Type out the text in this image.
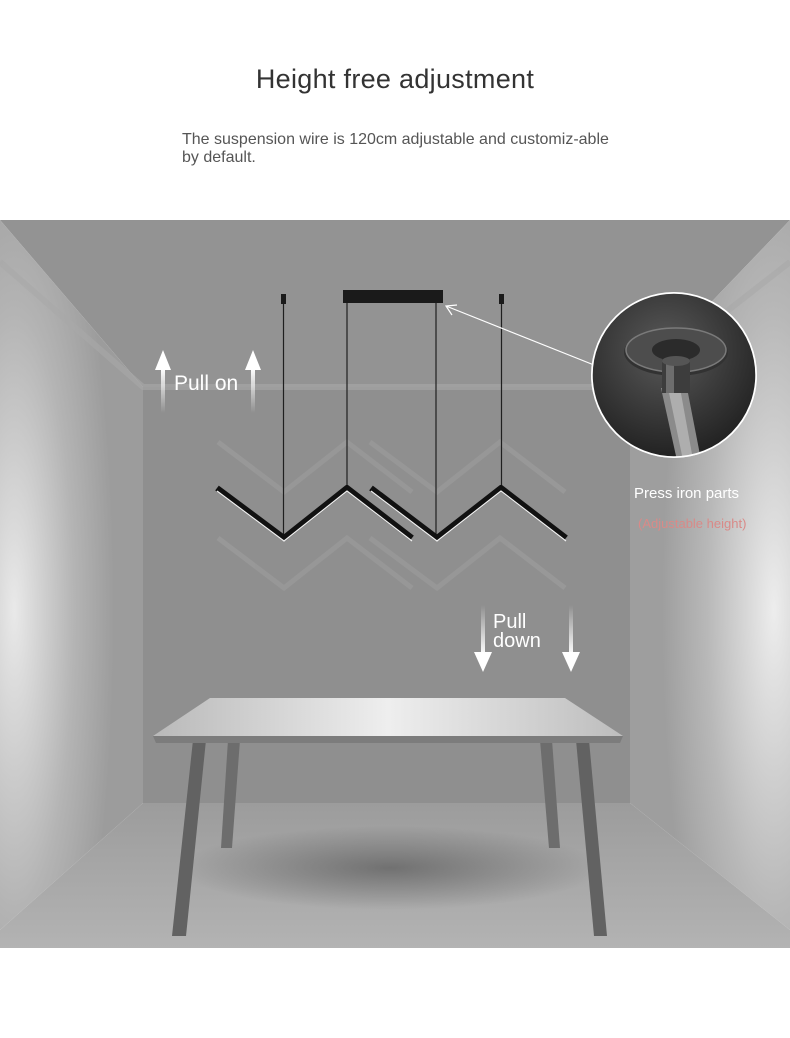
Height free adjustment
The suspension wire is 120cm adjustable and customiz-able by default.
Pull on
Pull
down
Press iron parts
(Adjustable height)
